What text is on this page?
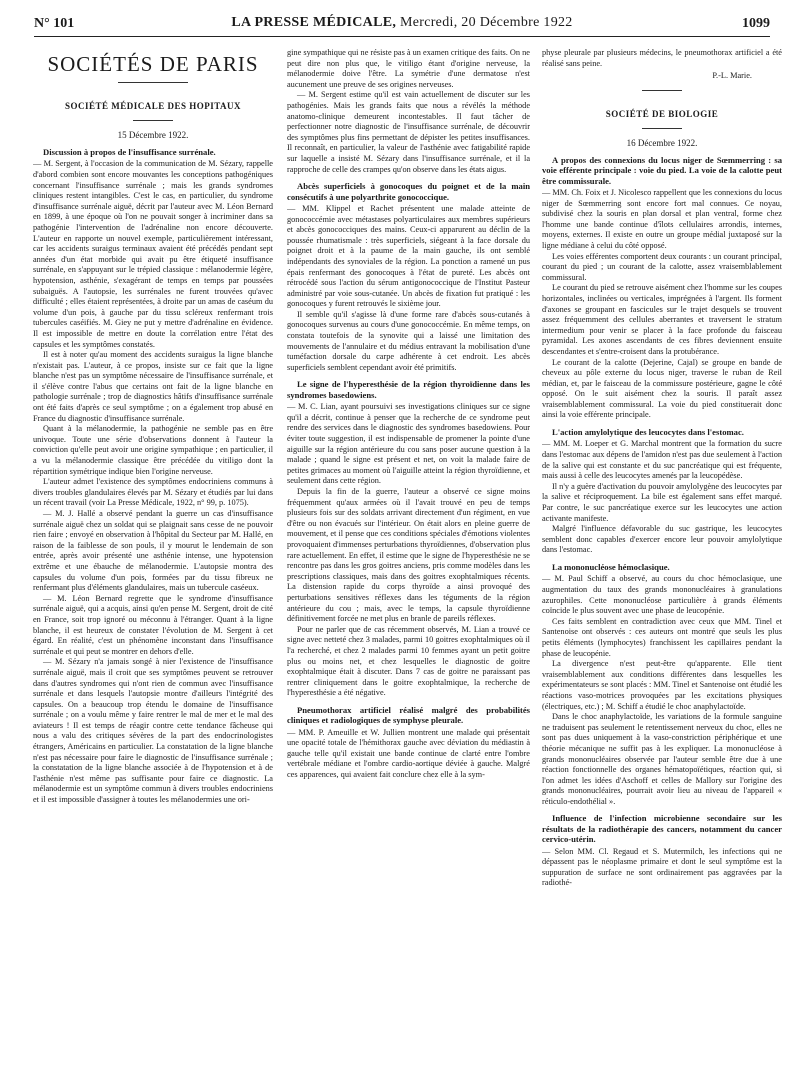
N° 101	LA PRESSE MÉDICALE, Mercredi, 20 Décembre 1922	1099
SOCIÉTÉS DE PARIS
SOCIÉTÉ MÉDICALE DES HOPITAUX
15 Décembre 1922.
Discussion à propos de l'insuffisance surrénale.

— M. Sergent, à l'occasion de la communication de M. Sézary, rappelle d'abord combien sont encore mouvantes les conceptions pathogéniques concernant l'insuffisance surrénale ; mais les grands syndromes cliniques restent intangibles. C'est le cas, en particulier, du syndrome d'insuffisance surrénale aiguë, décrit par l'auteur avec M. Léon Bernard en 1899, à une époque où l'on ne pouvait songer à incriminer dans sa pathogénie l'intervention de l'adrénaline non encore découverte. L'auteur en rapporte un nouvel exemple, particulièrement intéressant, car les accidents suraigus terminaux avaient été précédés pendant sept années d'un état morbide qui avait pu être étiqueté insuffisance surrénale, en s'appuyant sur le trépied classique : mélanodermie légère, hypotension, asthénie, s'exagérant de temps en temps par poussées subaiguës. A l'autopsie, les surrénales ne furent trouvées qu'avec difficulté ; elles étaient représentées, à droite par un amas de caséum du volume d'un pois, à gauche par du tissu scléreux renfermant trois tubercules caséifiés. M. Giey ne put y mettre d'adrénaline en évidence. Il est impossible de mettre en doute la corrélation entre l'état des capsules et les symptômes constatés.

Il est à noter qu'au moment des accidents suraigus la ligne blanche n'existait pas. L'auteur, à ce propos, insiste sur ce fait que la ligne blanche n'est pas un symptôme nécessaire de l'insuffisance surrénale, et il s'élève contre l'abus que certains ont fait de la ligne blanche en pathologie surrénale ; trop de diagnostics hâtifs d'insuffisance surrénale ont été faits d'après ce seul symptôme ; on a également trop abusé en France du diagnostic d'insuffisance surrénale.

Quant à la mélanodermie, la pathogénie ne semble pas en être univoque. Toute une série d'observations donnent à l'auteur la conviction qu'elle peut avoir une origine sympathique ; en particulier, il a vu la mélanodermie classique être précédée du vitiligo dont la répartition symétrique indique bien l'origine nerveuse.

L'auteur admet l'existence des symptômes endocriniens communs à divers troubles glandulaires élevés par M. Sézary et étudiés par lui dans un récent travail (voir La Presse Médicale, 1922, n° 99, p. 1075).

— M. J. Hallé a observé pendant la guerre un cas d'insuffisance surrénale aiguë chez un soldat qui se plaignait sans cesse de ne pouvoir rien faire ; envoyé en observation à l'hôpital du Secteur par M. Hallé, en raison de la faiblesse de son pouls, il y mourut le lendemain de son entrée, après avoir présenté une asthénie intense, une hypotension extrême et une ébauche de mélanodermie. L'autopsie montra des capsules du volume d'un pois, formées par du tissu fibreux ne renfermant plus d'éléments glandulaires, mais un tubercule caséeux.

— M. Léon Bernard regrette que le syndrome d'insuffisance surrénale aiguë, qui a acquis, ainsi qu'en pense M. Sergent, droit de cité en France, soit trop ignoré ou méconnu à l'étranger. Quant à la ligne blanche, il est heureux de constater l'évolution de M. Sergent à cet égard. En réalité, c'est un phénomène inconstant dans l'insuffisance surrénale et qui peut se montrer en dehors d'elle.

— M. Sézary n'a jamais songé à nier l'existence de l'insuffisance surrénale aiguë, mais il croit que ses symptômes peuvent se retrouver dans d'autres syndromes qui n'ont rien de commun avec l'insuffisance surrénale et dans lesquels l'autopsie montre d'ailleurs l'intégrité des capsules. On a beaucoup trop étendu le domaine de l'insuffisance surrénale ; on a voulu même y faire rentrer le mal de mer et le mal des aviateurs ! Il est temps de réagir contre cette tendance fâcheuse qui nous a valu des critiques sévères de la part des endocrinologistes étrangers, Américains en particulier. La constatation de la ligne blanche n'est pas nécessaire pour faire le diagnostic de l'insuffisance surrénale ; la constatation de la ligne blanche associée à de l'hypotension et à de l'asthénie n'est même pas suffisante pour faire ce diagnostic. La mélanodermie est un symptôme commun à divers troubles endocriniens et il est impossible d'assigner à toutes les mélanodermies une ori-

gine sympathique qui ne résiste pas à un examen critique des faits. On ne peut dire non plus que, le vitiligo étant d'origine nerveuse, la mélanodermie doive l'être. La symétrie d'une dermatose n'est aucunement une preuve de ses origines nerveuses.

— M. Sergent estime qu'il est vain actuellement de discuter sur les pathogénies. Mais les grands faits que nous a révélés la méthode anatomo-clinique demeurent incontestables. Il faut tâcher de perfectionner notre diagnostic de l'insuffisance surrénale, de découvrir des symptômes plus fins permettant de dépister les petites insuffisances. Il reconnaît, en particulier, la valeur de l'asthénie avec fatigabilité rapide sur laquelle a insisté M. Sézary dans l'insuffisance surrénale, et il la rapproche de celle des crampes qu'on observe dans les états aigus.

Abcès superficiels à gonocoques du poignet et de la main consécutifs à une polyarthrite gonococcique.

— MM. Klippel et Rachet présentent une malade atteinte de gonococcémie avec métastases polyarticulaires aux membres supérieurs et abcès gonococciques des mains. Ceux-ci apparurent au déclin de la poussée rhumatismale : très superficiels, siégeant à la face dorsale du poignet droit et à la paume de la main gauche, ils ont semblé indépendants des synoviales de la région. La ponction a ramené un pus épais renfermant des gonocoques à l'état de pureté. Les abcès ont rétrocédé sous l'action du sérum antigonococcique de l'Institut Pasteur administré par voie sous-cutanée. Un abcès de fixation fut pratiqué : les gonocoques y furent retrouvés le sixième jour.

Il semble qu'il s'agisse là d'une forme rare d'abcès sous-cutanés à gonocoques survenus au cours d'une gonococcémie. En même temps, on constata toutefois de la synovite qui a laissé une limitation des mouvements de l'annulaire et du médius entravant la mobilisation d'une tuméfaction dorsale du carpe adhérente à cet endroit. Les abcès superficiels semblent cependant avoir été primitifs.

Le signe de l'hyperesthésie de la région thyroïdienne dans les syndromes basedowiens.

— M. C. Lian, ayant poursuivi ses investigations cliniques sur ce signe qu'il a décrit, continue à penser que la recherche de ce syndrome peut rendre des services dans le diagnostic des syndromes basedowiens. Pour éviter toute suggestion, il est indispensable de promener la pointe d'une aiguille sur la région antérieure du cou sans poser aucune question à la malade ; quand le signe est présent et net, on voit la malade faire de petites grimaces au moment où l'aiguille atteint la région thyroïdienne, et seulement dans cette région.

Depuis la fin de la guerre, l'auteur a observé ce signe moins fréquemment qu'aux armées où il l'avait trouvé en peu de temps plusieurs fois sur des soldats arrivant directement d'un régiment, en vue d'être ou non évacués sur l'intérieur. On était alors en pleine guerre de mouvement, et il pense que ces conditions spéciales d'émotions violentes provoquaient d'immenses perturbations thyroïdiennes, d'observation plus rare actuellement. En effet, il estime que le signe de l'hyperesthésie ne se rencontre pas dans les gros goitres anciens, pris comme modèles dans les prescriptions classiques, mais dans des goitres exophtalmiques récents. La distension rapide du corps thyroïde a ainsi provoqué des perturbations sensitives réflexes dans les téguments de la région antérieure du cou ; mais, avec le temps, la capsule thyroïdienne définitivement forcée ne met plus en branle de pareils réflexes.

Pour ne parler que de cas récemment observés, M. Lian a trouvé ce signe avec netteté chez 3 malades, parmi 10 goitres exophtalmiques où il l'a recherché, et chez 2 malades parmi 10 femmes ayant un petit goitre plus ou moins net, et chez lesquelles le diagnostic de goitre exophtalmique était à discuter. Dans 7 cas de goitre ne paraissant pas rentrer cliniquement dans le goitre exophtalmique, la recherche de l'hyperesthésie a été négative.

Pneumothorax artificiel réalisé malgré des probabilités cliniques et radiologiques de symphyse pleurale.

— MM. P. Ameuille et W. Jullien montrent une malade qui présentait une opacité totale de l'hémithorax gauche avec déviation du médiastin à gauche telle qu'il existait une bande continue de clarté entre l'ombre vertébrale médiane et l'ombre cardio-aortique déviée à gauche. Malgré ces apparences, qui avaient fait conclure chez elle à la sym-

physe pleurale par plusieurs médecins, le pneumothorax artificiel a été réalisé sans peine.

P.-L. Marie.

SOCIÉTÉ DE BIOLOGIE
16 Décembre 1922.
A propos des connexions du locus niger de Sœmmerring : sa voie efférente principale : voie du pied. La voie de la calotte peut être commissurale.

— MM. Ch. Foix et J. Nicolesco rappellent que les connexions du locus niger de Sœmmerring sont encore fort mal connues. Ce noyau, subdivisé chez la souris en plan dorsal et plan ventral, forme chez l'homme une bande continue d'îlots cellulaires arrondis, internes, moyens, externes. Il existe en outre un groupe médial juxtaposé sur la ligne médiane à celui du côté opposé.

Les voies efférentes comportent deux courants : un courant principal, courant du pied ; un courant de la calotte, assez vraisemblablement commissural.

Le courant du pied se retrouve aisément chez l'homme sur les coupes horizontales, inclinées ou verticales, imprégnées à l'argent. Ils forment d'axones se groupant en fascicules sur le trajet desquels se trouvent assez fréquemment des cellules aberrantes et traversent le stratum intermedium pour venir se placer à la face profonde du faisceau pyramidal. Les axones ascendants de ces fibres deviennent ensuite descendantes et s'entre-croisent dans la protubérance.

Le courant de la calotte (Dejerine, Cajal) se groupe en bande de cheveux au pôle externe du locus niger, traverse le ruban de Reil médian, et, par le faisceau de la commissure postérieure, gagne le côté opposé. On le suit aisément chez la souris. Il paraît assez vraisemblablement commissural. La voie du pied constituerait donc ainsi la voie efférente principale.

L'action amylolytique des leucocytes dans l'estomac.

— MM. M. Loeper et G. Marchal montrent que la formation du sucre dans l'estomac aux dépens de l'amidon n'est pas due seulement à l'action de la salive qui est constante et du suc pancréatique qui est fréquente, mais aussi à celle des leucocytes amenés par la leucopédèse.

Il n'y a guère d'activation du pouvoir amylolygène des leucocytes par la salive et réciproquement. La bile est également sans effet marqué. Par contre, le suc pancréatique exerce sur les leucocytes une action activante manifeste.

Malgré l'influence défavorable du suc gastrique, les leucocytes semblent donc capables d'exercer encore leur pouvoir amylolytique dans l'estomac.

La mononucléose hémoclasique.

— M. Paul Schiff a observé, au cours du choc hémoclasique, une augmentation du taux des grands mononucléaires à granulations azurophiles. Cette mononucléose particulière à grands éléments coïncide le plus souvent avec une phase de leucopénie.

Ces faits semblent en contradiction avec ceux que MM. Tinel et Santenoise ont observés : ces auteurs ont montré que seuls les plus petits éléments (lymphocytes) franchissent les capillaires pendant la phase de leucopénie.

La divergence n'est peut-être qu'apparente. Elle tient vraisemblablement aux conditions différentes dans lesquelles les expérimentateurs se sont placés : MM. Tinel et Santenoise ont étudié les réactions vaso-motrices provoquées par les excitations physiques (électriques, etc.) ; M. Schiff a étudié le choc anaphylactoïde.

Dans le choc anaphylactoïde, les variations de la formule sanguine ne traduisent pas seulement le retentissement nerveux du choc, elles ne sont pas dues uniquement à la vaso-constriction périphérique et une théorie mécanique ne suffit pas à les expliquer. La mononucléose à grands mononucléaires observée par l'auteur semble être due à une réaction fonctionnelle des organes hématopoïétiques, réaction qui, si l'on admet les idées d'Aschoff et celles de Mallory sur l'origine des grands mononucléaires, pourrait avoir lieu au niveau de l'appareil « réticulo-endothélial ».

Influence de l'infection microbienne secondaire sur les résultats de la radiothérapie des cancers, notamment du cancer cervico-utérin.

— Selon MM. Cl. Regaud et S. Mutermilch, les infections qui ne dépassent pas le néoplasme primaire et dont le seul symptôme est la suppuration de surface ne sont ordinairement pas aggravées par la radiothé-
